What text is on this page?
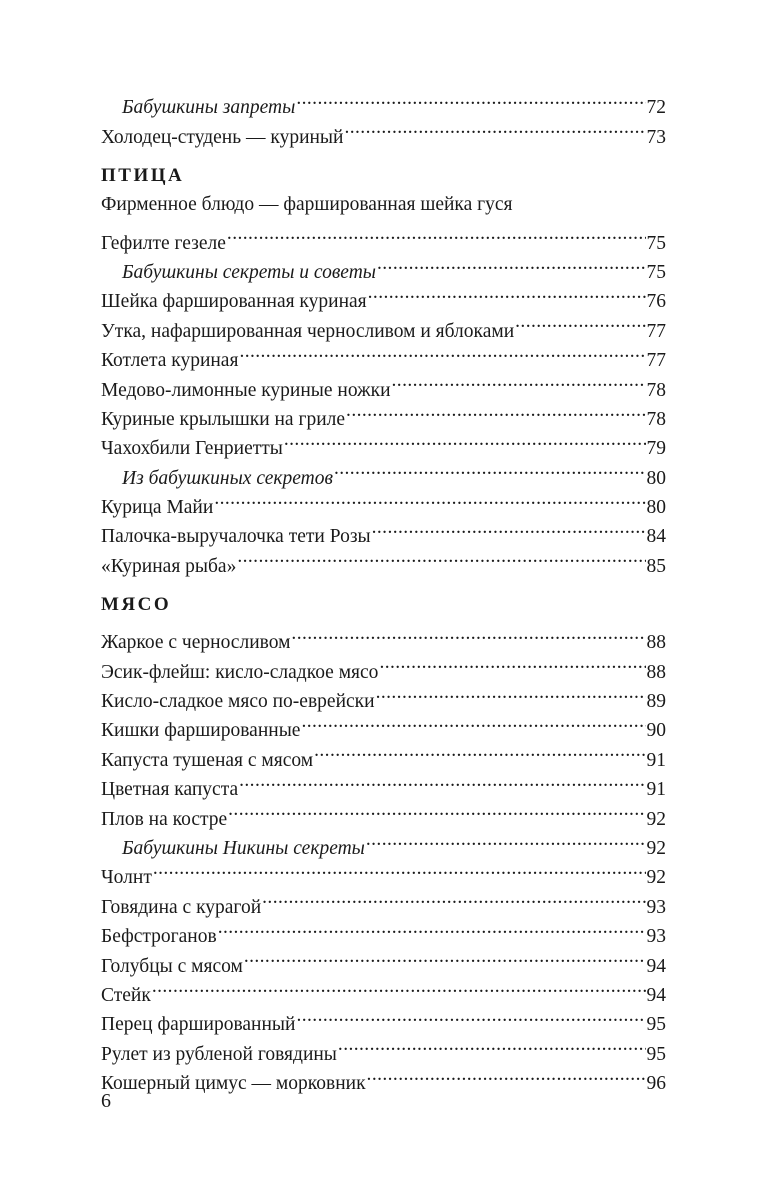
Бабушкины запреты .....	72
Холодец-студень — куриный .....	73
ПТИЦА
Фирменное блюдо — фаршированная шейка гуся
Гефилте гезеле .....	75
Бабушкины секреты и советы .....	75
Шейка фаршированная куриная .....	76
Утка, нафаршированная черносливом и яблоками .....	77
Котлета куриная .....	77
Медово-лимонные куриные ножки .....	78
Куриные крылышки на гриле .....	78
Чахохбили Генриетты .....	79
Из бабушкиных секретов .....	80
Курица Майи .....	80
Палочка-выручалочка тети Розы .....	84
«Куриная рыба» .....	85
МЯСО
Жаркое с черносливом .....	88
Эсик-флейш: кисло-сладкое мясо .....	88
Кисло-сладкое мясо по-еврейски .....	89
Кишки фаршированные .....	90
Капуста тушеная с мясом .....	91
Цветная капуста .....	91
Плов на костре .....	92
Бабушкины Никины секреты .....	92
Чолнт .....	92
Говядина с курагой .....	93
Бефстроганов .....	93
Голубцы с мясом .....	94
Стейк .....	94
Перец фаршированный .....	95
Рулет из рубленой говядины .....	95
Кошерный цимус — морковник .....	96
6
